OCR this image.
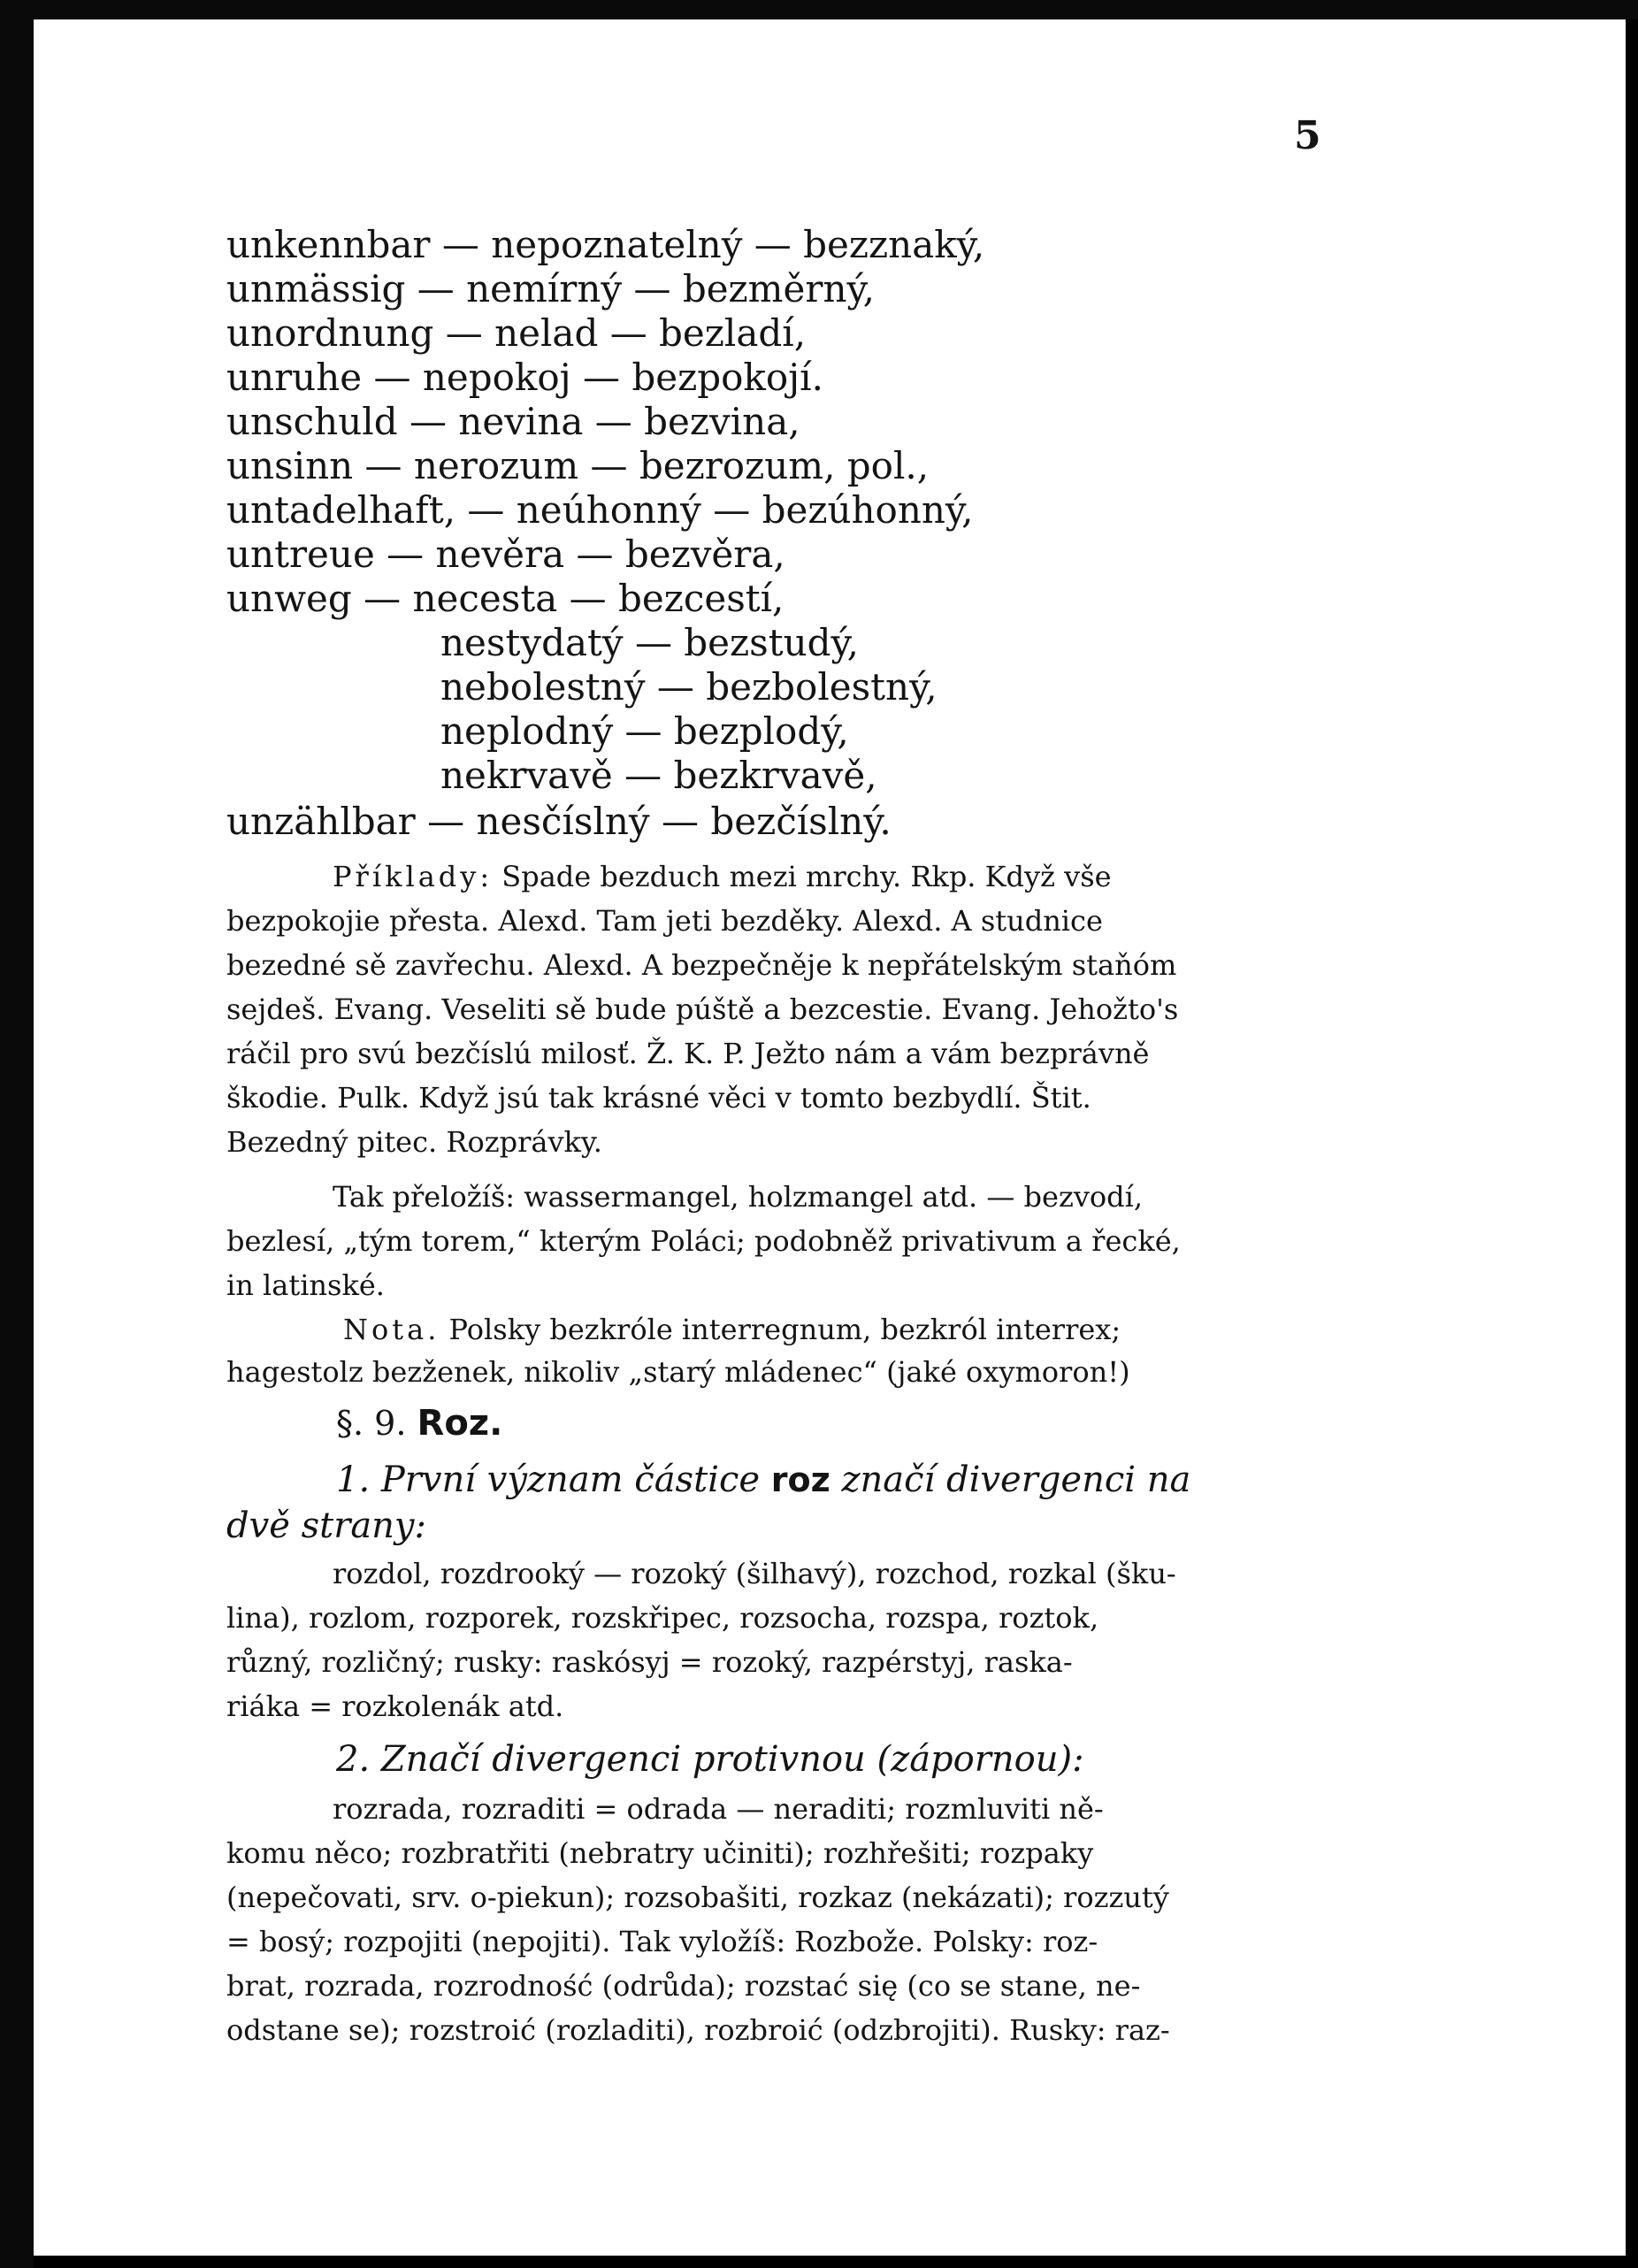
5
unkennbar — nepoznatelný — bezznaký,
unmässig — nemírný — bezměrný,
unordnung — nelad — bezladí,
unruhe — nepokoj — bezpokojí.
unschuld — nevina — bezvina,
unsinn — nerozum — bezrozum, pol.,
untadelhaft, — neúhonný — bezúhonný,
untreue — nevěra — bezvěra,
unweg — necesta — bezcestí,
nestydatý — bezstudý,
nebolestný — bezbolestný,
neplodný — bezplodý,
nekrvavě — bezkrvavě,
unzählbar — nesčíslný — bezčíslný.
Příklady: Spade bezduch mezi mrchy. Rkp. Když vše
bezpokojie přesta. Alexd. Tam jeti bezděky. Alexd. A studnice
bezedné sě zavřechu. Alexd. A bezpečněje k nepřátelským staňóm
sejdeš. Evang. Veseliti sě bude púště a bezcestie. Evang. Jehožto's
ráčil pro svú bezčíslú milosť. Ž. K. P. Ježto nám a vám bezprávně
škodie. Pulk. Když jsú tak krásné věci v tomto bezbydlí. Štit.
Bezedný pitec. Rozprávky.
Tak přeložíš: wassermangel, holzmangel atd. — bezvodí,
bezlesí, „tým torem,“ kterým Poláci; podobněž privativum a řecké,
in latinské.
Nota. Polsky bezkróle interregnum, bezkról interrex;
hagestolz bezženek, nikoliv „starý mládenec“ (jaké oxymoron!)
§. 9. Roz.
1. První význam částice roz značí divergenci na
dvě strany:
rozdol, rozdrooký — rozoký (šilhavý), rozchod, rozkal (šku-
lina), rozlom, rozporek, rozskřipec, rozsocha, rozspa, roztok,
různý, rozličný; rusky: raskósyj = rozoký, razpérstyj, raska-
riáka = rozkolenák atd.
2. Značí divergenci protivnou (zápornou):
rozrada, rozraditi = odrada — neraditi; rozmluviti ně-
komu něco; rozbratřiti (nebratry učiniti); rozhřešiti; rozpaky
(nepečovati, srv. o-piekun); rozsobašiti, rozkaz (nekázati); rozzutý
= bosý; rozpojiti (nepojiti). Tak vyložíš: Rozbože. Polsky: roz-
brat, rozrada, rozrodność (odrůda); rozstać się (co se stane, ne-
odstane se); rozstroić (rozladiti), rozbroić (odzbrojiti). Rusky: raz-
